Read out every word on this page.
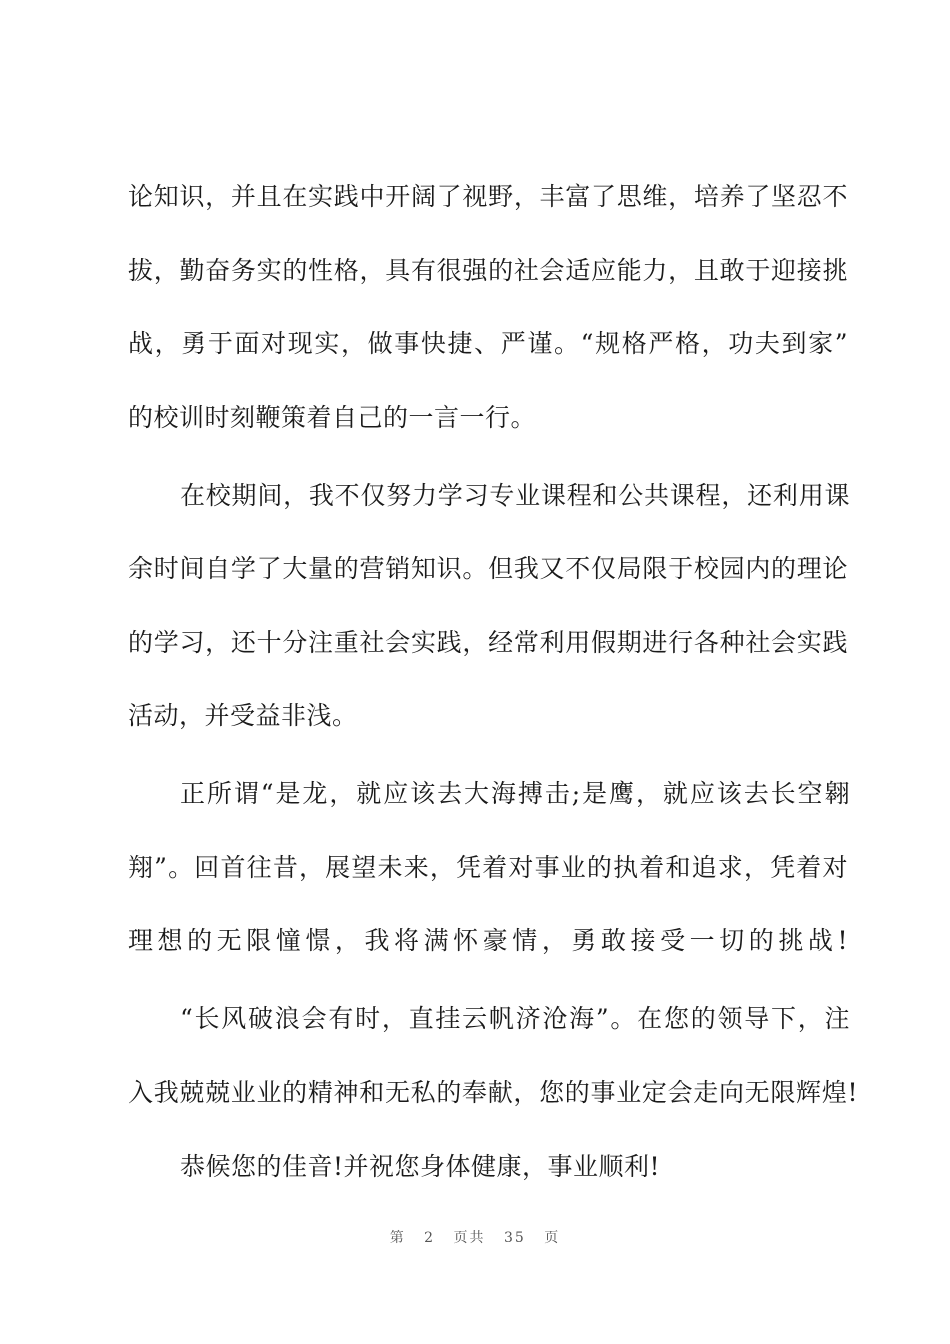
论知识，并且在实践中开阔了视野，丰富了思维，培养了坚忍不
拔，勤奋务实的性格，具有很强的社会适应能力，且敢于迎接挑
战，勇于面对现实，做事快捷、严谨。“规格严格，功夫到家”
的校训时刻鞭策着自己的一言一行。
在校期间，我不仅努力学习专业课程和公共课程，还利用课
余时间自学了大量的营销知识。但我又不仅局限于校园内的理论
的学习，还十分注重社会实践，经常利用假期进行各种社会实践
活动，并受益非浅。
正所谓“是龙，就应该去大海搏击;是鹰，就应该去长空翱
翔”。回首往昔，展望未来，凭着对事业的执着和追求，凭着对
理想的无限憧憬，我将满怀豪情，勇敢接受一切的挑战!
“长风破浪会有时，直挂云帆济沧海”。在您的领导下，注
入我兢兢业业的精神和无私的奉献，您的事业定会走向无限辉煌!
恭候您的佳音!并祝您身体健康，事业顺利!
第 2 页共 35 页
